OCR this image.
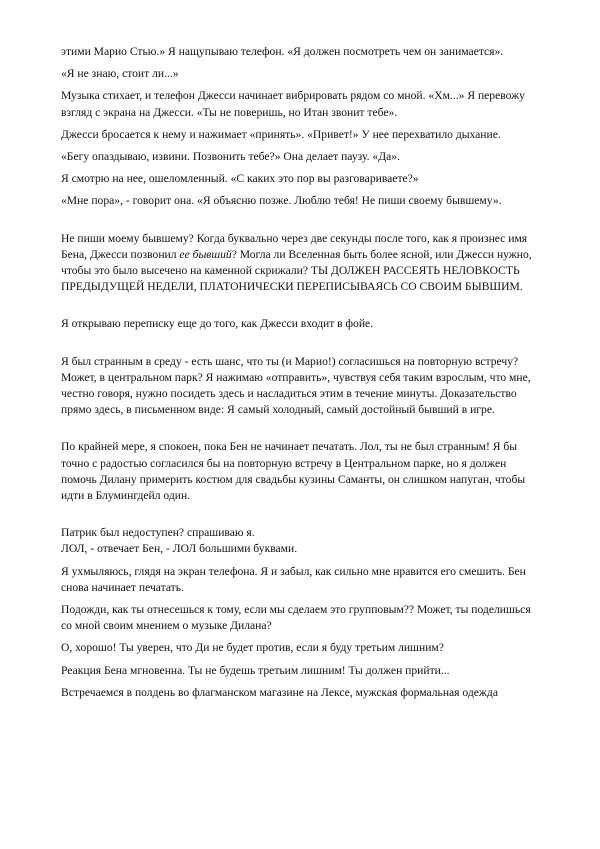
этими Марио Стью.» Я нащупываю телефон. «Я должен посмотреть чем он занимается».

«Я не знаю, стоит ли...»

Музыка стихает, и телефон Джесси начинает вибрировать рядом со мной. «Хм...» Я перевожу взгляд с экрана на Джесси. «Ты не поверишь, но Итан звонит тебе».

Джесси бросается к нему и нажимает «принять». «Привет!» У нее перехватило дыхание.

«Бегу опаздываю, извини. Позвонить тебе?» Она делает паузу. «Да».

Я смотрю на нее, ошеломленный. «С каких это пор вы разговариваете?»

«Мне пора», - говорит она. «Я объясню позже. Люблю тебя! Не пиши своему бывшему».

Не пиши моему бывшему? Когда буквально через две секунды после того, как я произнес имя Бена, Джесси позвонил ее бывший? Могла ли Вселенная быть более ясной, или Джесси нужно, чтобы это было высечено на каменной скрижали? ТЫ ДОЛЖЕН РАССЕЯТЬ НЕЛОВКОСТЬ ПРЕДЫДУЩЕЙ НЕДЕЛИ, ПЛАТОНИЧЕСКИ ПЕРЕПИСЫВАЯСЬ СО СВОИМ БЫВШИМ.

Я открываю переписку еще до того, как Джесси входит в фойе.

Я был странным в среду - есть шанс, что ты (и Марио!) согласишься на повторную встречу? Может, в центральном парк? Я нажимаю «отправить», чувствуя себя таким взрослым, что мне, честно говоря, нужно посидеть здесь и насладиться этим в течение минуты. Доказательство прямо здесь, в письменном виде: Я самый холодный, самый достойный бывший в игре.

По крайней мере, я спокоен, пока Бен не начинает печатать. Лол, ты не был странным! Я бы точно с радостью согласился бы на повторную встречу в Центральном парке, но я должен помочь Дилану примерить костюм для свадьбы кузины Саманты, он слишком напуган, чтобы идти в Блумингдейл один.

Патрик был недоступен? спрашиваю я.

ЛОЛ, - отвечает Бен, - ЛОЛ большими буквами.

Я ухмыляюсь, глядя на экран телефона. Я и забыл, как сильно мне нравится его смешить. Бен снова начинает печатать.

Подожди, как ты отнесешься к тому, если мы сделаем это групповым?? Может, ты поделишься со мной своим мнением о музыке Дилана?

О, хорошо! Ты уверен, что Ди не будет против, если я буду третьим лишним?

Реакция Бена мгновенна. Ты не будешь третьим лишним! Ты должен прийти...

Встречаемся в полдень во флагманском магазине на Лексе, мужская формальная одежда
